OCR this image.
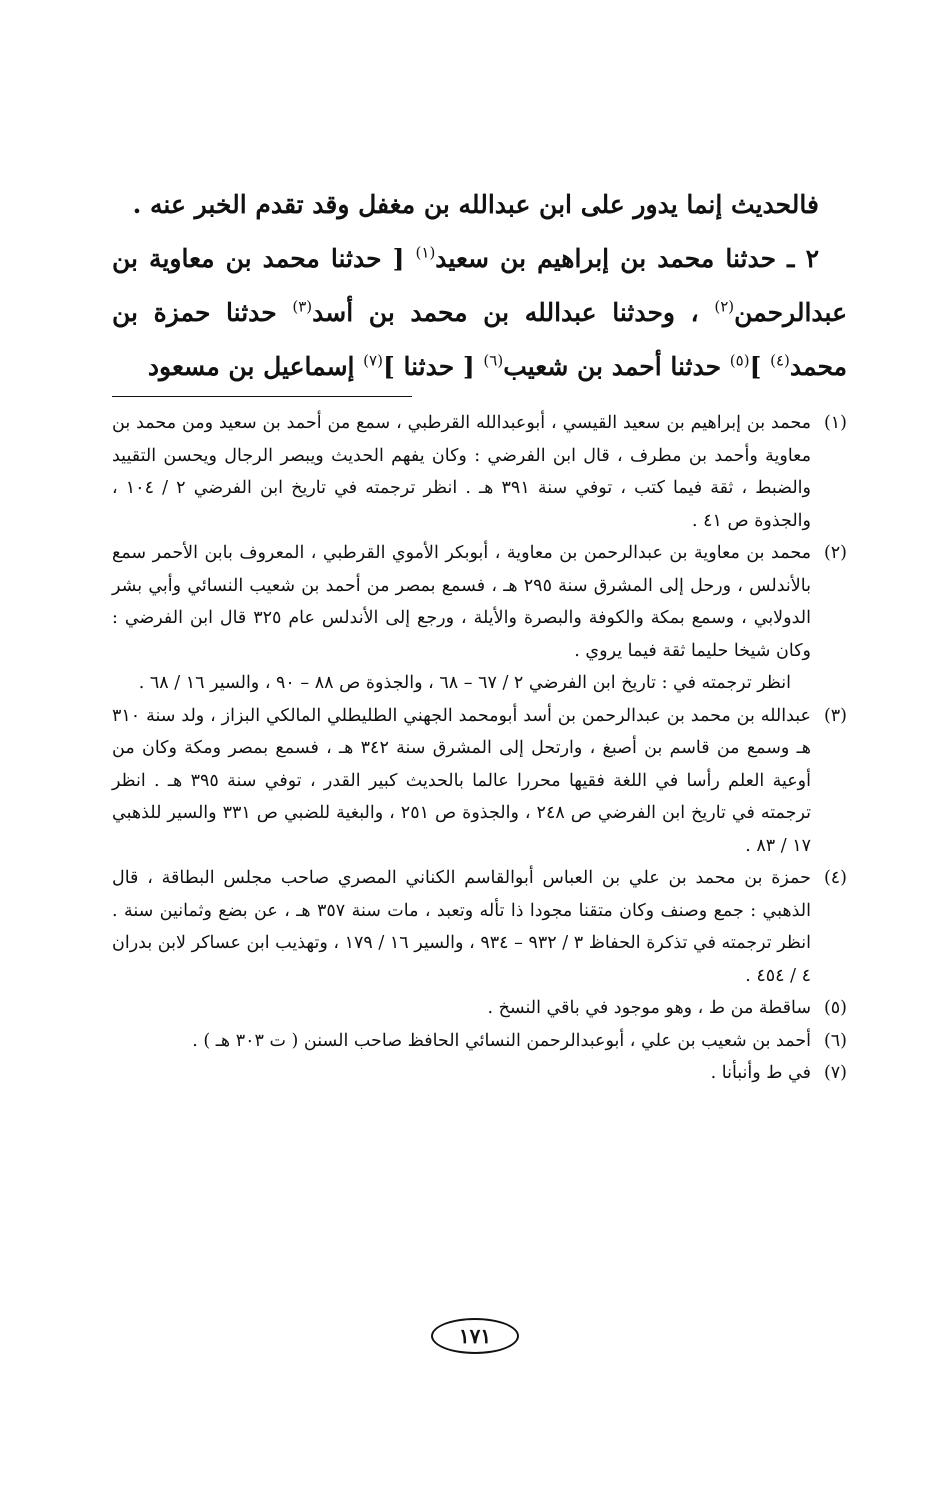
فالحديث إنما يدور على ابن عبدالله بن مغفل وقد تقدم الخبر عنه .

٢ ـ حدثنا محمد بن إبراهيم بن سعيد$^{(١)}$ [ حدثنا محمد بن معاوية بن عبدالرحمن$^{(٢)}$ ، وحدثنا عبدالله بن محمد بن أسد$^{(٣)}$ حدثنا حمزة بن محمد$^{(٤)}$ ]$^{(٥)}$ حدثنا أحمد بن شعيب$^{(٦)}$ [ حدثنا ]$^{(٧)}$ إسماعيل بن مسعود

(١)محمد بن إبراهيم بن سعيد القيسي ، أبوعبدالله القرطبي ، سمع من أحمد بن سعيد ومن محمد بن معاوية وأحمد بن مطرف ، قال ابن الفرضي : وكان يفهم الحديث ويبصر الرجال ويحسن التقييد والضبط ، ثقة فيما كتب ، توفي سنة ٣٩١ هـ . انظر ترجمته في تاريخ ابن الفرضي ٢ / ١٠٤ ، والجذوة ص ٤١ .

(٢)محمد بن معاوية بن عبدالرحمن بن معاوية ، أبوبكر الأموي القرطبي ، المعروف بابن الأحمر سمع بالأندلس ، ورحل إلى المشرق سنة ٢٩٥ هـ ، فسمع بمصر من أحمد بن شعيب النسائي وأبي بشر الدولابي ، وسمع بمكة والكوفة والبصرة والأيلة ، ورجع إلى الأندلس عام ٣٢٥ قال ابن الفرضي : وكان شيخا حليما ثقة فيما يروي .

انظر ترجمته في : تاريخ ابن الفرضي ٢ / ٦٧ – ٦٨ ، والجذوة ص ٨٨ – ٩٠ ، والسير ١٦ / ٦٨ .

(٣)عبدالله بن محمد بن عبدالرحمن بن أسد أبومحمد الجهني الطليطلي المالكي البزاز ، ولد سنة ٣١٠ هـ وسمع من قاسم بن أصبغ ، وارتحل إلى المشرق سنة ٣٤٢ هـ ، فسمع بمصر ومكة وكان من أوعية العلم رأسا في اللغة فقيها محررا عالما بالحديث كبير القدر ، توفي سنة ٣٩٥ هـ . انظر ترجمته في تاريخ ابن الفرضي ص ٢٤٨ ، والجذوة ص ٢٥١ ، والبغية للضبي ص ٣٣١ والسير للذهبي ١٧ / ٨٣ .

(٤)حمزة بن محمد بن علي بن العباس أبوالقاسم الكناني المصري صاحب مجلس البطاقة ، قال الذهبي : جمع وصنف وكان متقنا مجودا ذا تأله وتعبد ، مات سنة ٣٥٧ هـ ، عن بضع وثمانين سنة . انظر ترجمته في تذكرة الحفاظ ٣ / ٩٣٢ – ٩٣٤ ، والسير ١٦ / ١٧٩ ، وتهذيب ابن عساكر لابن بدران ٤ / ٤٥٤ .

(٥)ساقطة من ط ، وهو موجود في باقي النسخ .

(٦)أحمد بن شعيب بن علي ، أبوعبدالرحمن النسائي الحافظ صاحب السنن ( ت ٣٠٣ هـ ) .

(٧)في ط وأنبأنا .

١٧١
